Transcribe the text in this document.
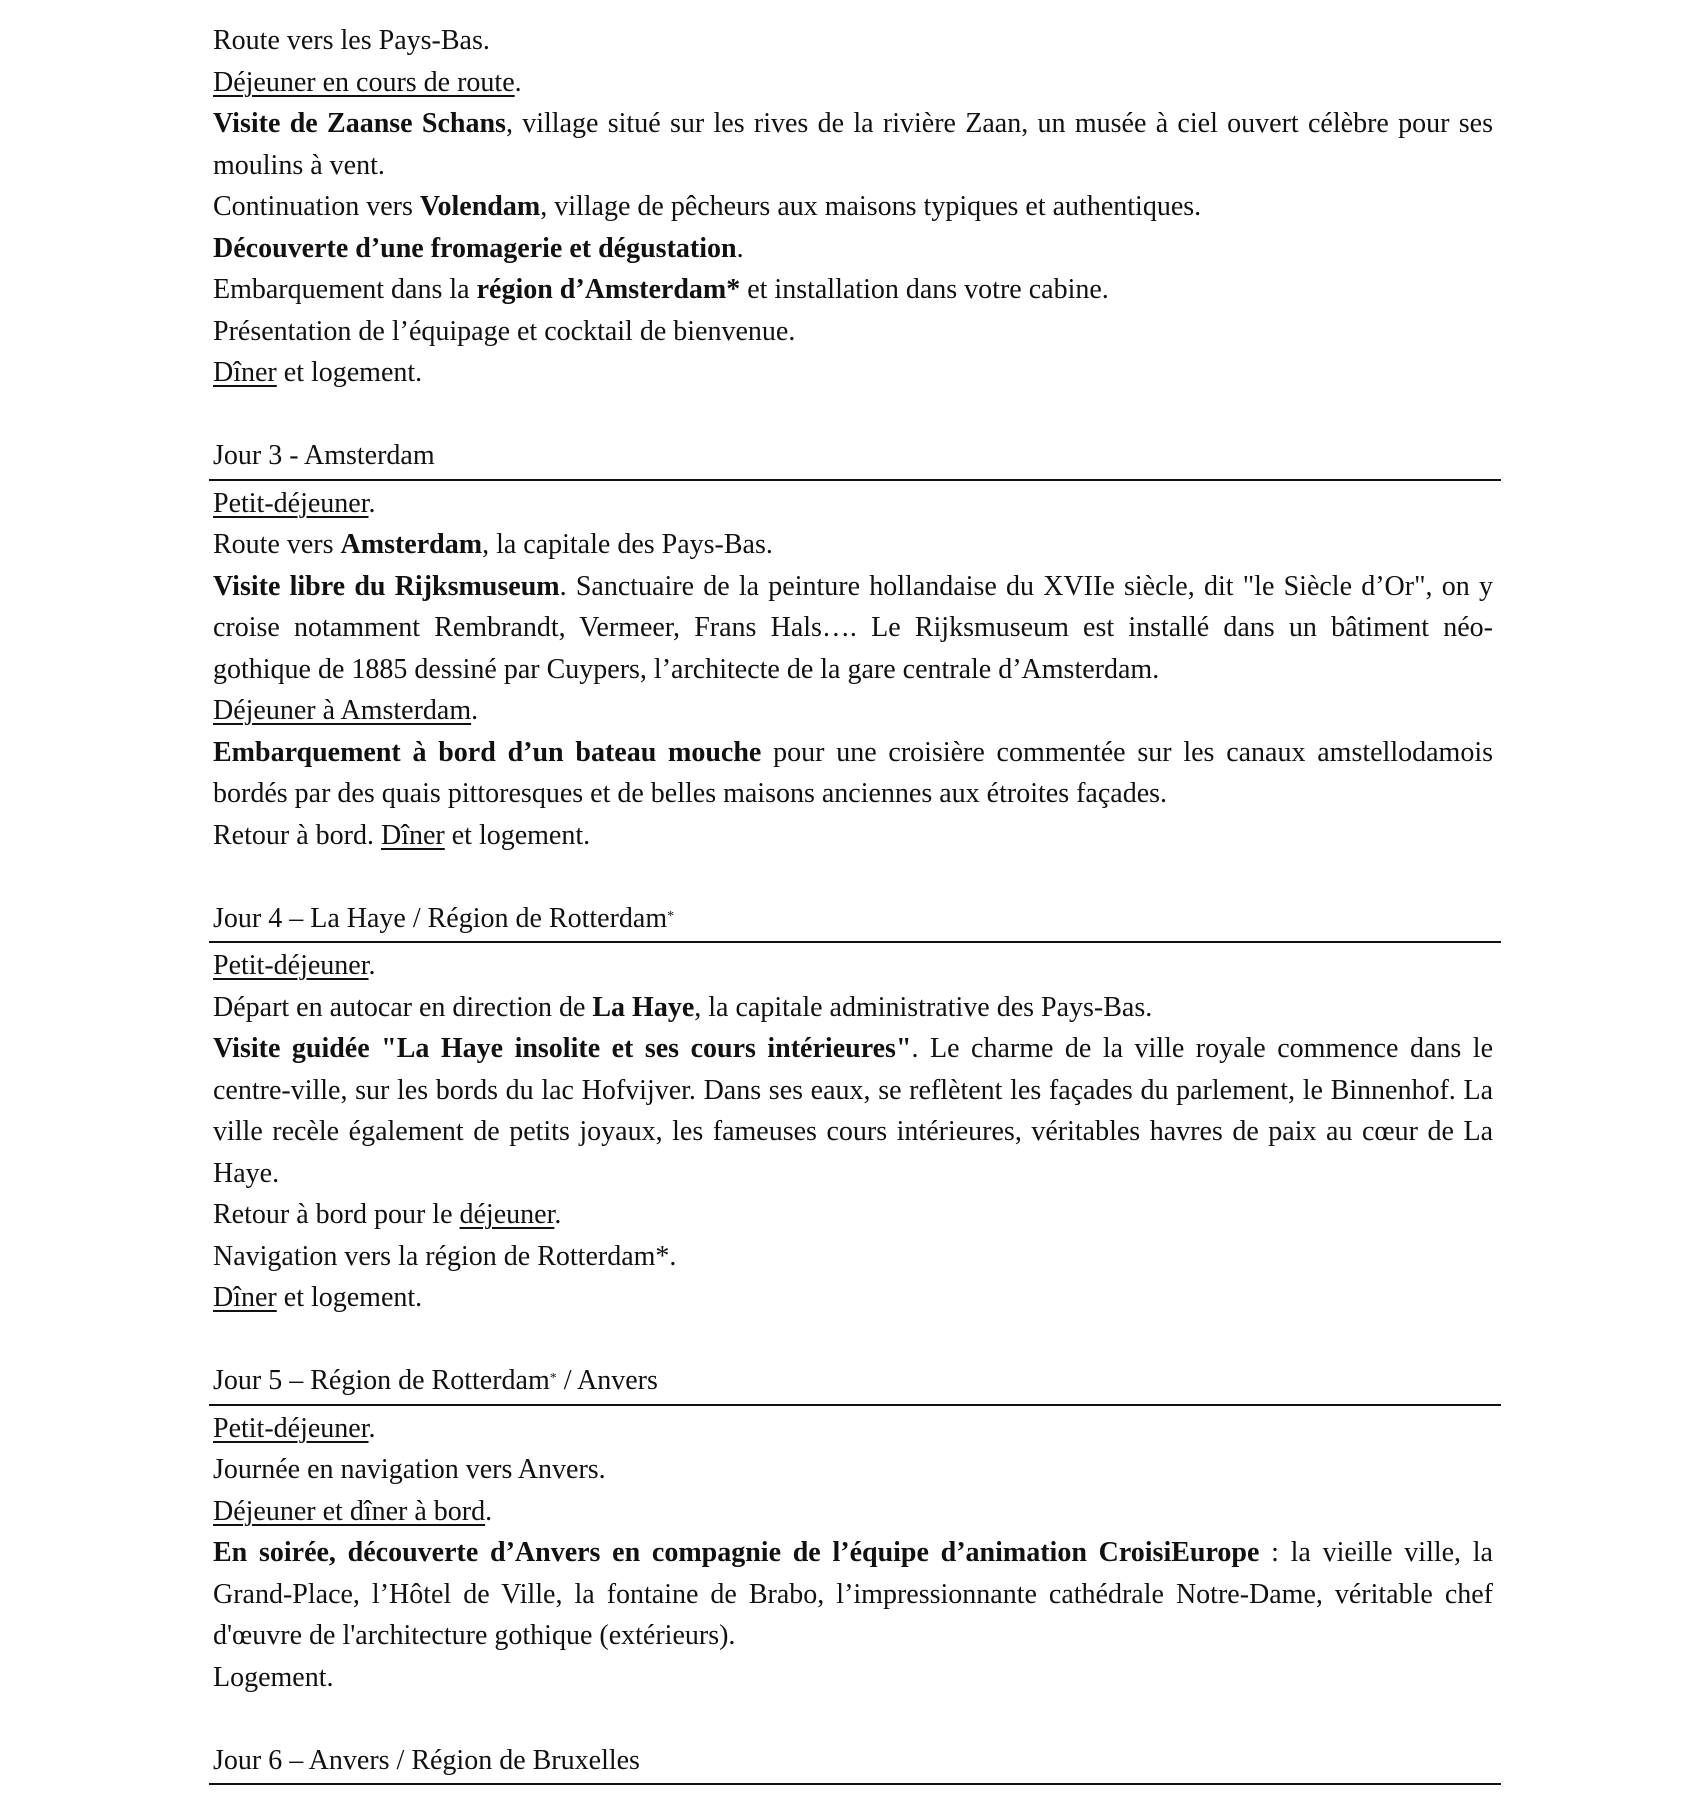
Route vers les Pays-Bas.

Déjeuner en cours de route.

Visite de Zaanse Schans, village situé sur les rives de la rivière Zaan, un musée à ciel ouvert célèbre pour ses moulins à vent.

Continuation vers Volendam, village de pêcheurs aux maisons typiques et authentiques.

Découverte d’une fromagerie et dégustation.

Embarquement dans la région d’Amsterdam* et installation dans votre cabine.

Présentation de l’équipage et cocktail de bienvenue.

Dîner et logement.

Jour 3 - Amsterdam

Petit-déjeuner.

Route vers Amsterdam, la capitale des Pays-Bas.

Visite libre du Rijksmuseum. Sanctuaire de la peinture hollandaise du XVIIe siècle, dit "le Siècle d’Or", on y croise notamment Rembrandt, Vermeer, Frans Hals…. Le Rijksmuseum est installé dans un bâtiment néo-gothique de 1885 dessiné par Cuypers, l’architecte de la gare centrale d’Amsterdam.

Déjeuner à Amsterdam.

Embarquement à bord d’un bateau mouche pour une croisière commentée sur les canaux amstellodamois bordés par des quais pittoresques et de belles maisons anciennes aux étroites façades.

Retour à bord. Dîner et logement.

Jour 4 – La Haye / Région de Rotterdam*

Petit-déjeuner.

Départ en autocar en direction de La Haye, la capitale administrative des Pays-Bas.

Visite guidée "La Haye insolite et ses cours intérieures". Le charme de la ville royale commence dans le centre-ville, sur les bords du lac Hofvijver. Dans ses eaux, se reflètent les façades du parlement, le Binnenhof. La ville recèle également de petits joyaux, les fameuses cours intérieures, véritables havres de paix au cœur de La Haye.

Retour à bord pour le déjeuner.

Navigation vers la région de Rotterdam*.

Dîner et logement.

Jour 5 – Région de Rotterdam* / Anvers

Petit-déjeuner.

Journée en navigation vers Anvers.

Déjeuner et dîner à bord.

En soirée, découverte d’Anvers en compagnie de l’équipe d’animation CroisiEurope : la vieille ville, la Grand-Place, l’Hôtel de Ville, la fontaine de Brabo, l’impressionnante cathédrale Notre-Dame, véritable chef d'œuvre de l'architecture gothique (extérieurs).

Logement.

Jour 6 – Anvers / Région de Bruxelles
